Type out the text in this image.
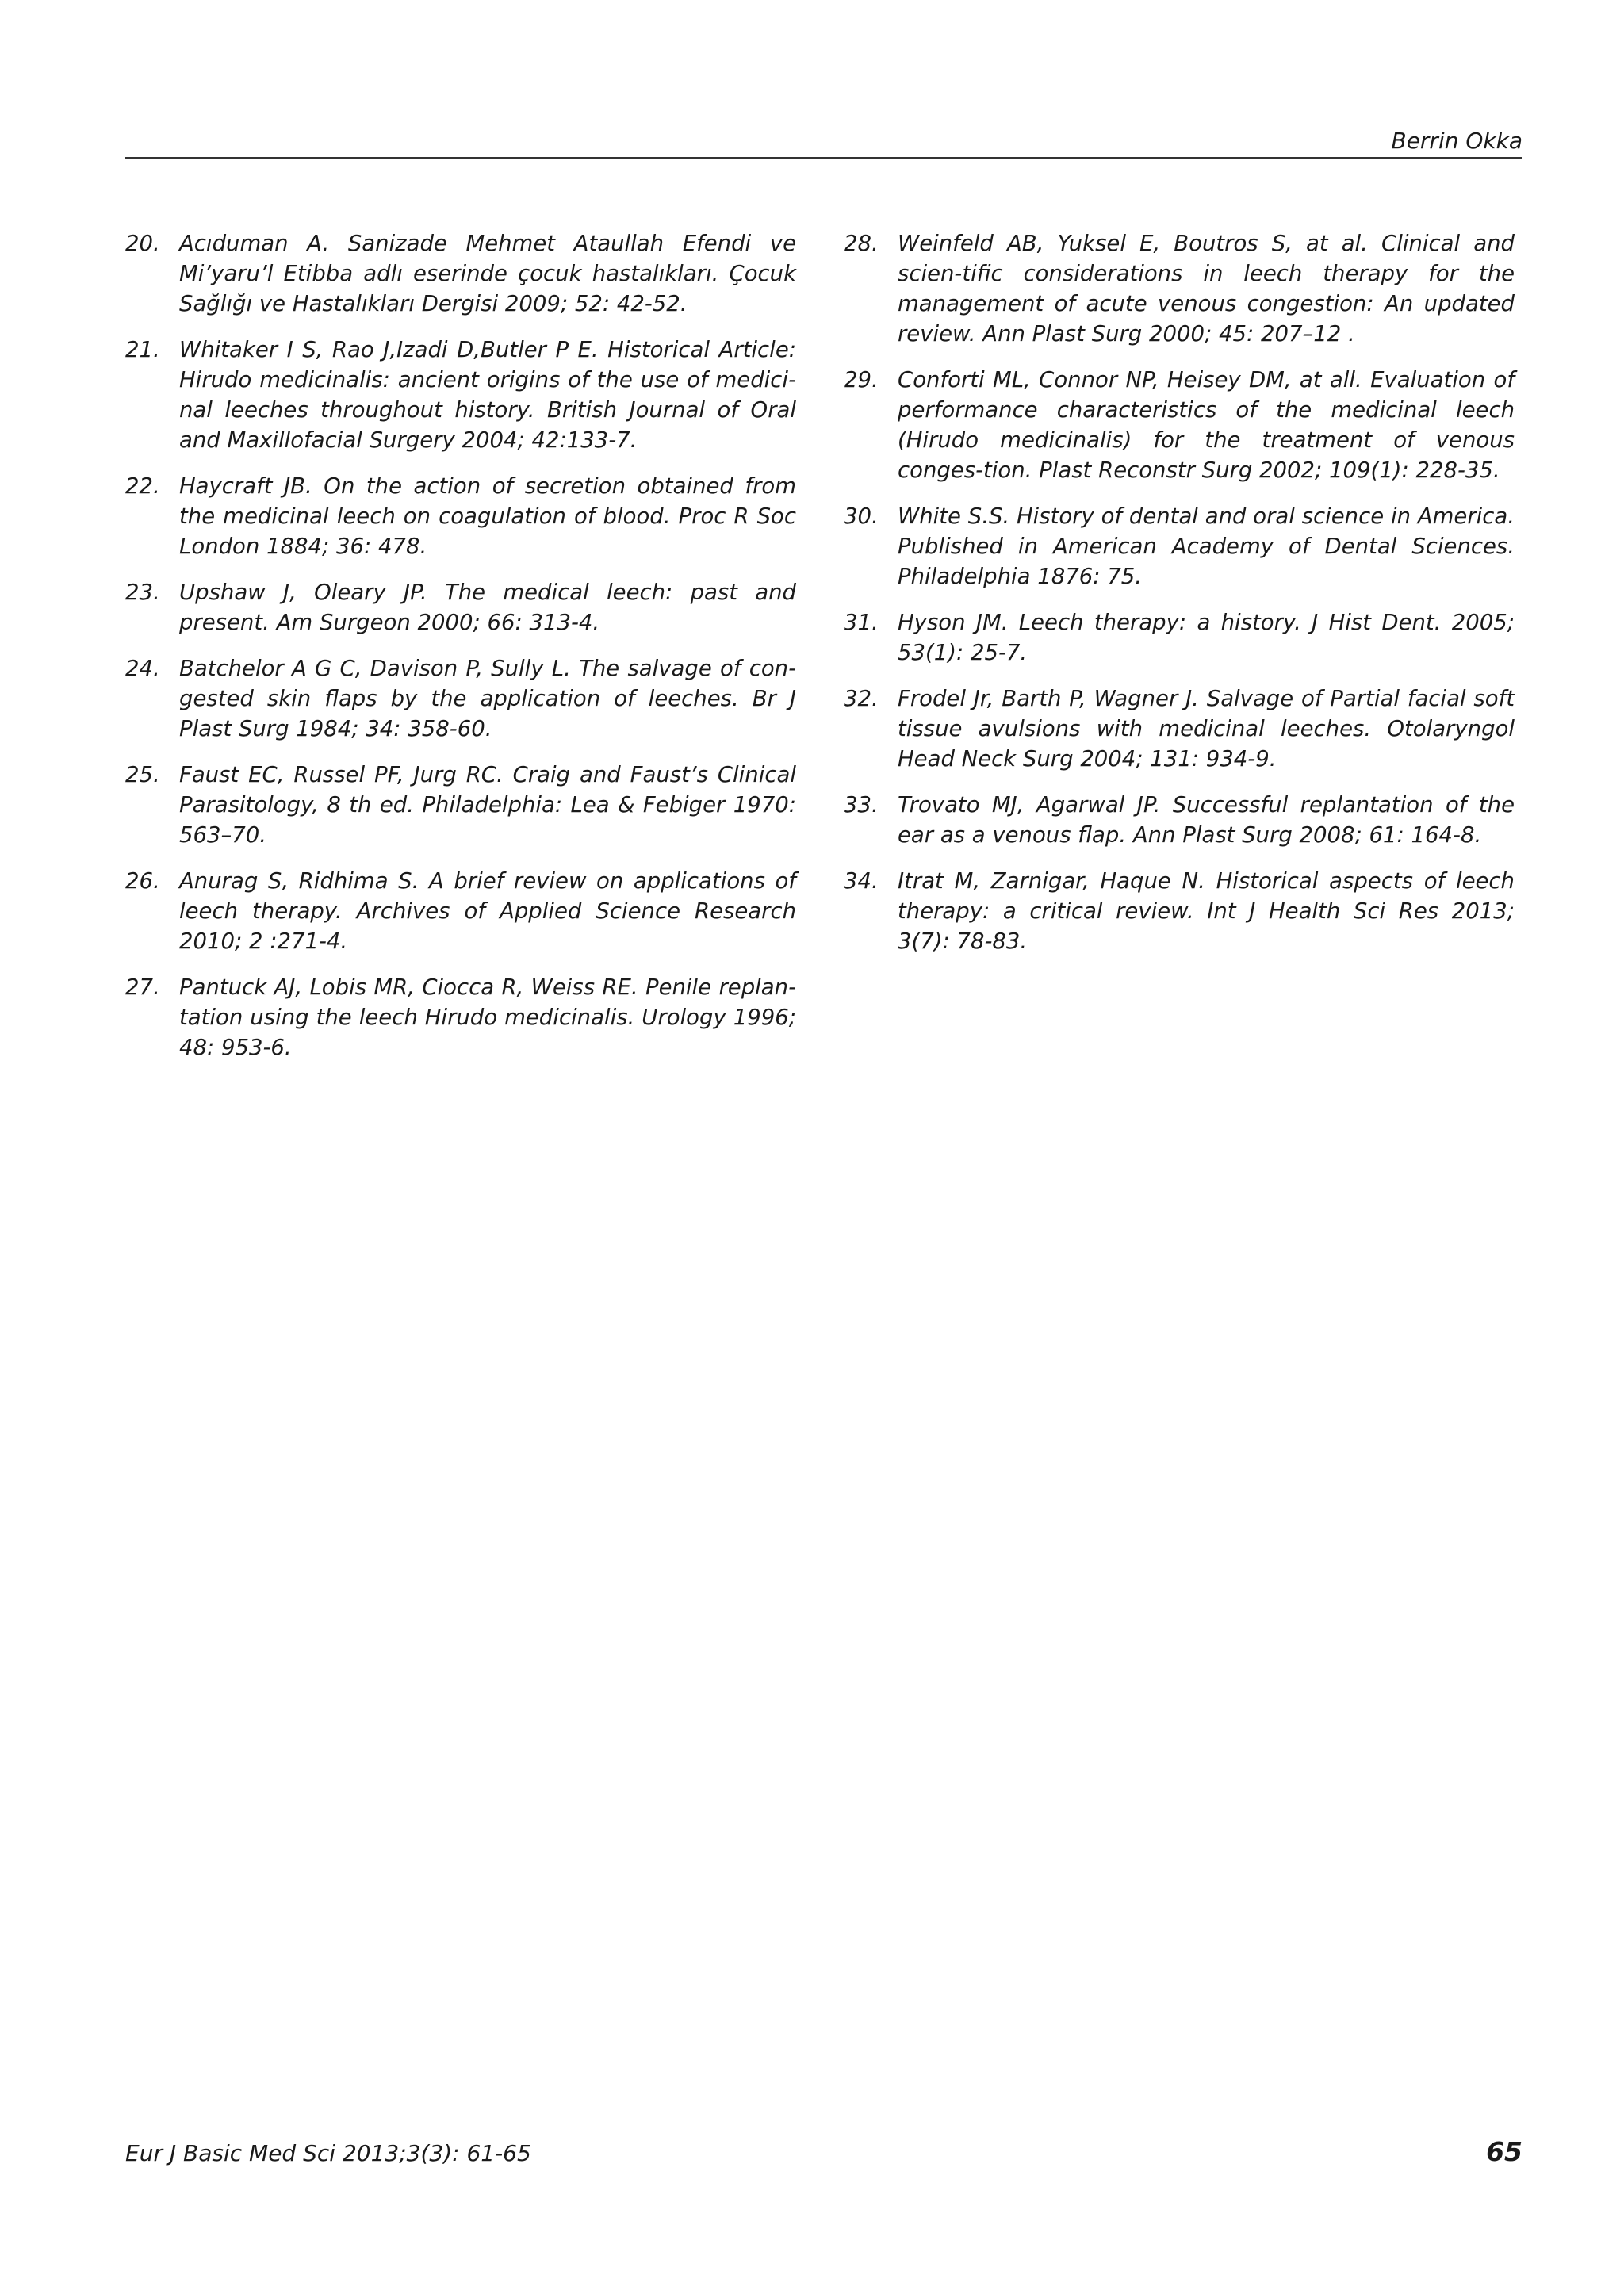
Berrin Okka
20. Acıduman A. Sanizade Mehmet Ataullah Efendi ve Mi’yaru’l Etibba adlı eserinde çocuk hastalıkları. Çocuk Sağlığı ve Hastalıkları Dergisi 2009; 52: 42-52.
21. Whitaker I S, Rao J,Izadi D,Butler P E. Historical Article: Hirudo medicinalis: ancient origins of the use of medici-nal leeches throughout history. British Journal of Oral and Maxillofacial Surgery 2004; 42:133-7.
22. Haycraft JB. On the action of secretion obtained from the medicinal leech on coagulation of blood. Proc R Soc London 1884; 36: 478.
23. Upshaw J, Oleary JP. The medical leech: past and present. Am Surgeon 2000; 66: 313-4.
24. Batchelor A G C, Davison P, Sully L. The salvage of con-gested skin flaps by the application of leeches. Br J Plast Surg 1984; 34: 358-60.
25. Faust EC, Russel PF, Jurg RC. Craig and Faust’s Clinical Parasitology, 8 th ed. Philadelphia: Lea & Febiger 1970: 563–70.
26. Anurag S, Ridhima S. A brief review on applications of leech therapy. Archives of Applied Science Research 2010; 2 :271-4.
27. Pantuck AJ, Lobis MR, Ciocca R, Weiss RE. Penile replan-tation using the leech Hirudo medicinalis. Urology 1996; 48: 953-6.
28. Weinfeld AB, Yuksel E, Boutros S, at al. Clinical and scien-tific considerations in leech therapy for the management of acute venous congestion: An updated review. Ann Plast Surg 2000; 45: 207–12 .
29. Conforti ML, Connor NP, Heisey DM, at all. Evaluation of performance characteristics of the medicinal leech (Hirudo medicinalis) for the treatment of venous conges-tion. Plast Reconstr Surg 2002; 109(1): 228-35.
30. White S.S. History of dental and oral science in America. Published in American Academy of Dental Sciences. Philadelphia 1876: 75.
31. Hyson JM. Leech therapy: a history. J Hist Dent. 2005; 53(1): 25-7.
32. Frodel Jr, Barth P, Wagner J. Salvage of Partial facial soft tissue avulsions with medicinal leeches. Otolaryngol Head Neck Surg 2004; 131: 934-9.
33. Trovato MJ, Agarwal JP. Successful replantation of the ear as a venous flap. Ann Plast Surg 2008; 61: 164-8.
34. Itrat M, Zarnigar, Haque N. Historical aspects of leech therapy: a critical review. Int J Health Sci Res 2013; 3(7): 78-83.
Eur J Basic Med Sci 2013;3(3): 61-65	65
